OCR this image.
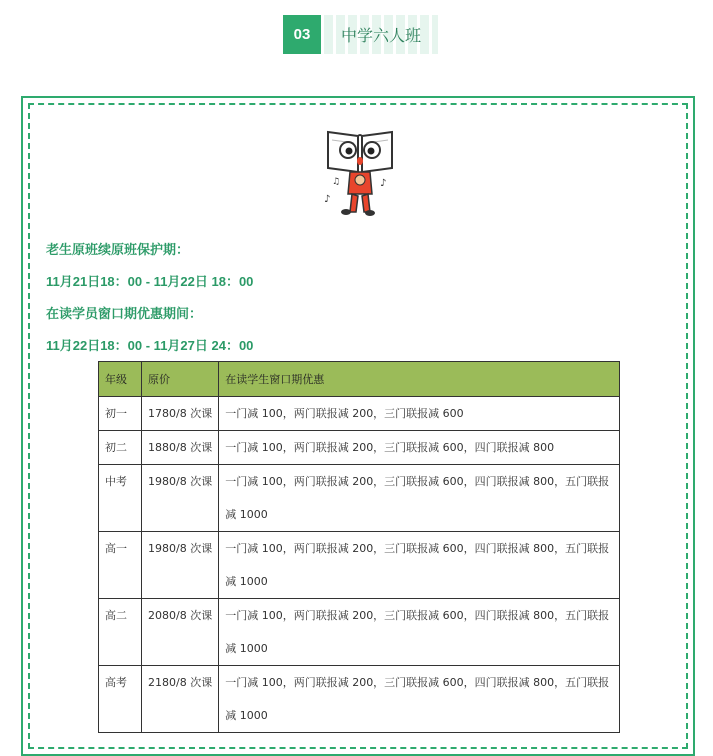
03	中学六人班
♪
♫	♪
老生原班续原班保护期：
11月21日18：00 - 11月22日 18：00
在读学员窗口期优惠期间：
11月22日18：00 - 11月27日 24：00
年级	原价	在读学生窗口期优惠
初一	1780/8 次课	一门减 100，两门联报减 200，三门联报减 600
初二	1880/8 次课	一门减 100，两门联报减 200，三门联报减 600，四门联报减 800
中考	1980/8 次课	一门减 100，两门联报减 200，三门联报减 600，四门联报减 800，五门联报减 1000
高一	1980/8 次课	一门减 100，两门联报减 200，三门联报减 600，四门联报减 800，五门联报减 1000
高二	2080/8 次课	一门减 100，两门联报减 200，三门联报减 600，四门联报减 800，五门联报减 1000
高考	2180/8 次课	一门减 100，两门联报减 200，三门联报减 600，四门联报减 800，五门联报减 1000
